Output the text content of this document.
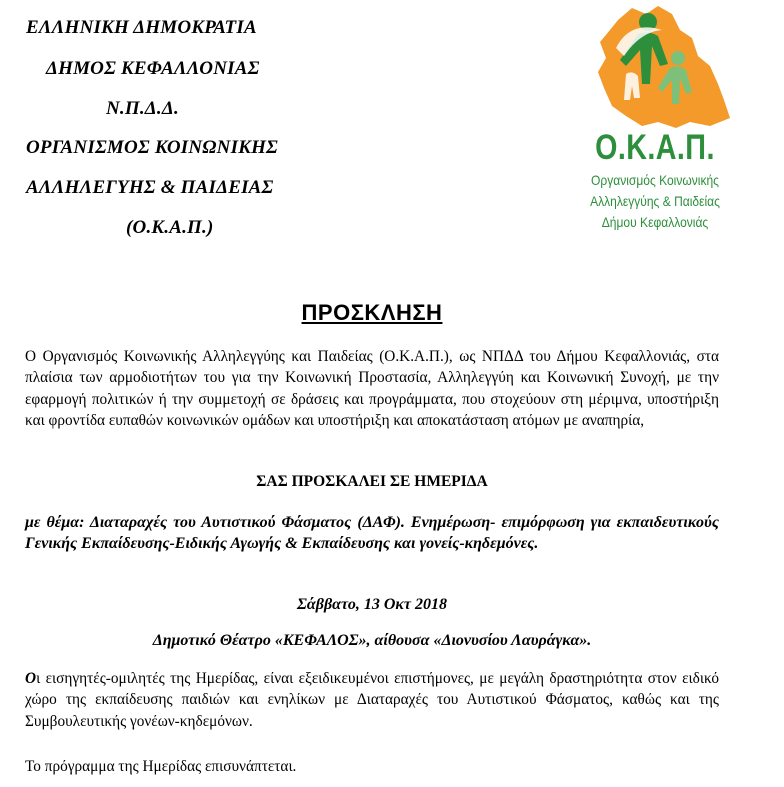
ΕΛΛΗΝΙΚΗ ΔΗΜΟΚΡΑΤΙΑ
ΔΗΜΟΣ ΚΕΦΑΛΛΟΝΙΑΣ
Ν.Π.Δ.Δ.
ΟΡΓΑΝΙΣΜΟΣ ΚΟΙΝΩΝΙΚΗΣ
ΑΛΛΗΛΕΓΥΗΣ & ΠΑΙΔΕΙΑΣ
(Ο.Κ.Α.Π.)
Ο.Κ.Α.Π.
Οργανισμός Κοινωνικής
Αλληλεγγύης & Παιδείας
Δήμου Κεφαλλονιάς
ΠΡΟΣΚΛΗΣΗ
Ο Οργανισμός Κοινωνικής Αλληλεγγύης και Παιδείας (Ο.Κ.Α.Π.), ως ΝΠΔΔ του Δήμου Κεφαλλονιάς, στα πλαίσια των αρμοδιοτήτων του για την Κοινωνική Προστασία, Αλληλεγγύη και Κοινωνική Συνοχή, με την εφαρμογή πολιτικών ή την συμμετοχή σε δράσεις και προγράμματα, που στοχεύουν στη μέριμνα, υποστήριξη και φροντίδα ευπαθών κοινωνικών ομάδων και υποστήριξη και αποκατάσταση ατόμων με αναπηρία,
ΣΑΣ ΠΡΟΣΚΑΛΕΙ ΣΕ ΗΜΕΡΙΔΑ
με θέμα: Διαταραχές του Αυτιστικού Φάσματος (ΔΑΦ). Ενημέρωση- επιμόρφωση για εκπαιδευτικούς Γενικής Εκπαίδευσης-Ειδικής Αγωγής & Εκπαίδευσης και γονείς-κηδεμόνες.
Σάββατο, 13 Οκτ 2018
Δημοτικό Θέατρο «ΚΕΦΑΛΟΣ», αίθουσα «Διονυσίου Λαυράγκα».
Οι εισηγητές-ομιλητές της Ημερίδας, είναι εξειδικευμένοι επιστήμονες, με μεγάλη δραστηριότητα στον ειδικό χώρο της εκπαίδευσης παιδιών και ενηλίκων με Διαταραχές του Αυτιστικού Φάσματος, καθώς και της Συμβουλευτικής γονέων-κηδεμόνων.
Το πρόγραμμα της Ημερίδας επισυνάπτεται.
